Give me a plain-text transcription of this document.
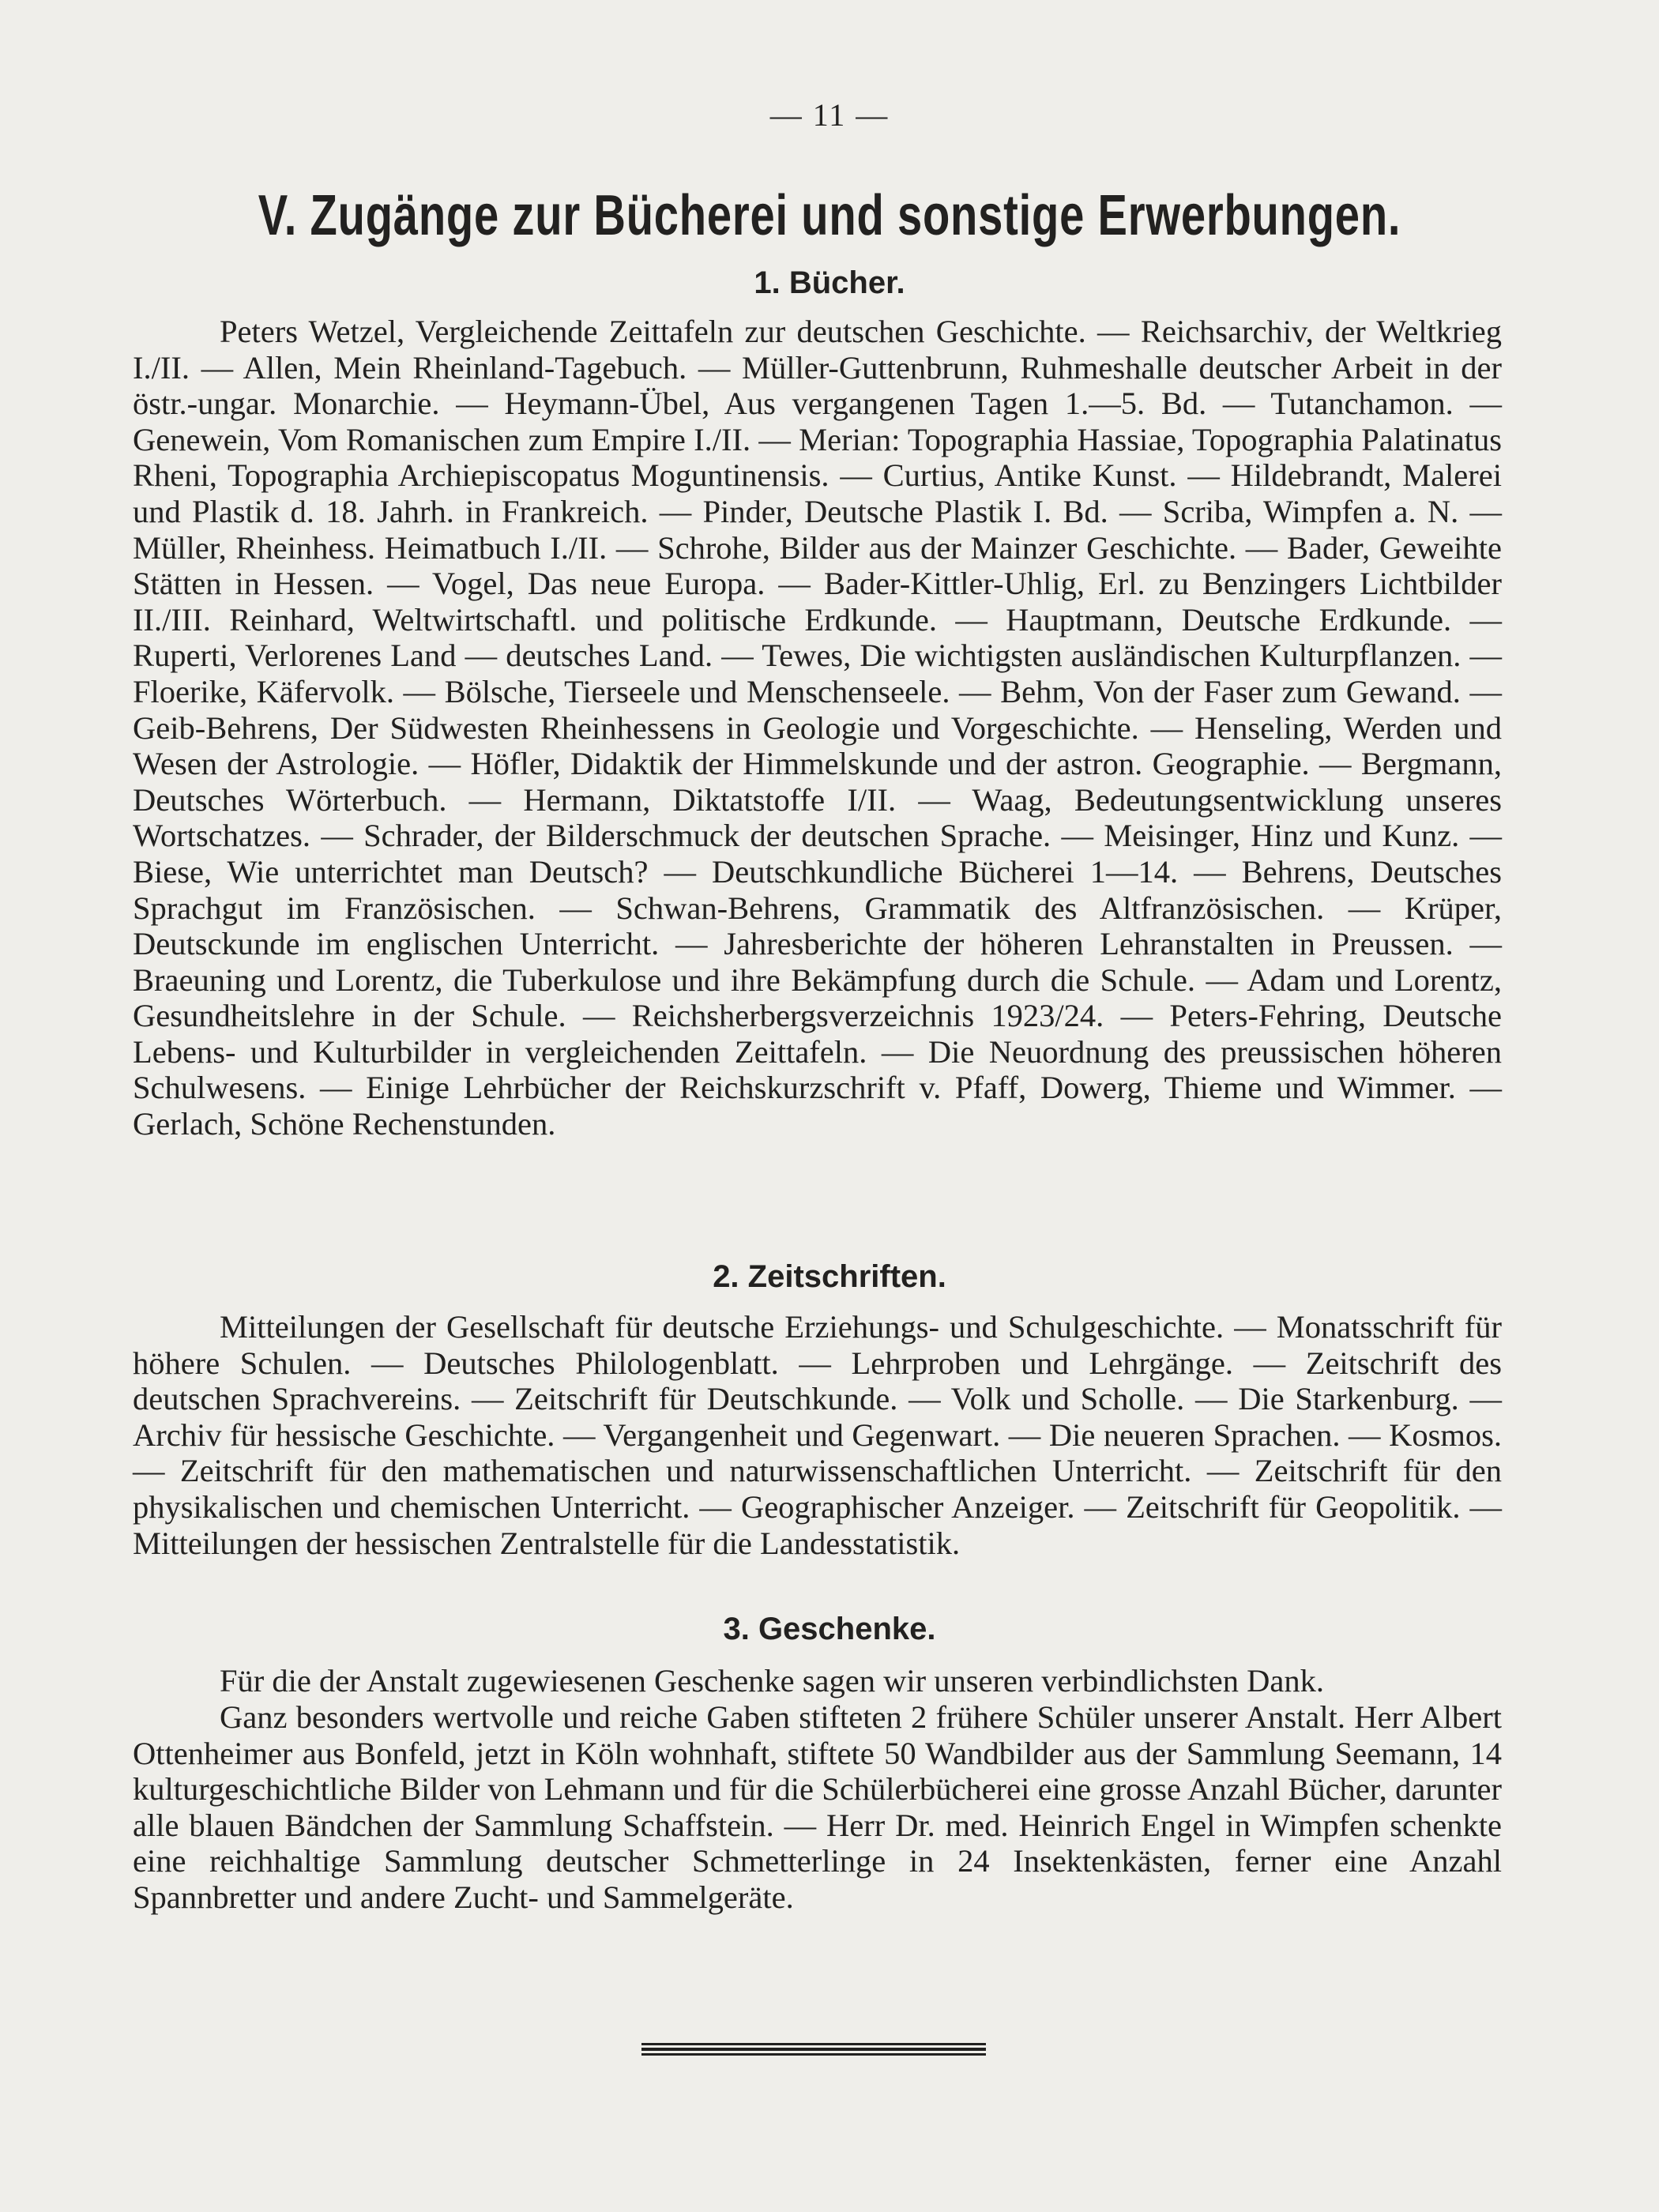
— 11 —
V. Zugänge zur Bücherei und sonstige Erwerbungen.
1. Bücher.

Peters Wetzel, Vergleichende Zeittafeln zur deutschen Geschichte. — Reichsarchiv, der Weltkrieg I./II. — Allen, Mein Rheinland-Tagebuch. — Müller-Guttenbrunn, Ruhmeshalle deutscher Arbeit in der östr.-ungar. Monarchie. — Heymann-Übel, Aus vergangenen Tagen 1.—5. Bd. — Tutanchamon. — Genewein, Vom Romanischen zum Empire I./II. — Merian: Topographia Hassiae, Topographia Palatinatus Rheni, Topographia Archiepiscopatus Moguntinensis. — Curtius, Antike Kunst. — Hildebrandt, Malerei und Plastik d. 18. Jahrh. in Frankreich. — Pinder, Deutsche Plastik I. Bd. — Scriba, Wimpfen a. N. — Müller, Rheinhess. Heimatbuch I./II. — Schrohe, Bilder aus der Mainzer Geschichte. — Bader, Geweihte Stätten in Hessen. — Vogel, Das neue Europa. — Bader-Kittler-Uhlig, Erl. zu Benzingers Lichtbilder II./III. Reinhard, Weltwirtschaftl. und politische Erdkunde. — Hauptmann, Deutsche Erdkunde. — Ruperti, Verlorenes Land — deutsches Land. — Tewes, Die wichtigsten ausländischen Kulturpflanzen. — Floerike, Käfervolk. — Bölsche, Tierseele und Menschenseele. — Behm, Von der Faser zum Gewand. — Geib-Behrens, Der Südwesten Rheinhessens in Geologie und Vorgeschichte. — Henseling, Werden und Wesen der Astrologie. — Höfler, Didaktik der Himmelskunde und der astron. Geographie. — Bergmann, Deutsches Wörterbuch. — Hermann, Diktatstoffe I/II. — Waag, Bedeutungsentwicklung unseres Wortschatzes. — Schrader, der Bilderschmuck der deutschen Sprache. — Meisinger, Hinz und Kunz. — Biese, Wie unterrichtet man Deutsch? — Deutschkundliche Bücherei 1—14. — Behrens, Deutsches Sprachgut im Französischen. — Schwan-Behrens, Grammatik des Altfranzösischen. — Krüper, Deutsckunde im englischen Unterricht. — Jahresberichte der höheren Lehranstalten in Preussen. — Braeuning und Lorentz, die Tuberkulose und ihre Bekämpfung durch die Schule. — Adam und Lorentz, Gesundheitslehre in der Schule. — Reichsherbergsverzeichnis 1923/24. — Peters-Fehring, Deutsche Lebens- und Kulturbilder in vergleichenden Zeittafeln. — Die Neuordnung des preussischen höheren Schulwesens. — Einige Lehrbücher der Reichskurzschrift v. Pfaff, Dowerg, Thieme und Wimmer. — Gerlach, Schöne Rechenstunden.

2. Zeitschriften.

Mitteilungen der Gesellschaft für deutsche Erziehungs- und Schulgeschichte. — Monatsschrift für höhere Schulen. — Deutsches Philologenblatt. — Lehrproben und Lehrgänge. — Zeitschrift des deutschen Sprachvereins. — Zeitschrift für Deutschkunde. — Volk und Scholle. — Die Starkenburg. — Archiv für hessische Geschichte. — Vergangenheit und Gegenwart. — Die neueren Sprachen. — Kosmos. — Zeitschrift für den mathematischen und naturwissenschaftlichen Unterricht. — Zeitschrift für den physikalischen und chemischen Unterricht. — Geographischer Anzeiger. — Zeitschrift für Geopolitik. — Mitteilungen der hessischen Zentralstelle für die Landesstatistik.

3. Geschenke.

Für die der Anstalt zugewiesenen Geschenke sagen wir unseren verbindlichsten Dank.

Ganz besonders wertvolle und reiche Gaben stifteten 2 frühere Schüler unserer Anstalt. Herr Albert Ottenheimer aus Bonfeld, jetzt in Köln wohnhaft, stiftete 50 Wandbilder aus der Sammlung Seemann, 14 kulturgeschichtliche Bilder von Lehmann und für die Schülerbücherei eine grosse Anzahl Bücher, darunter alle blauen Bändchen der Sammlung Schaffstein. — Herr Dr. med. Heinrich Engel in Wimpfen schenkte eine reichhaltige Sammlung deutscher Schmetterlinge in 24 Insektenkästen, ferner eine Anzahl Spannbretter und andere Zucht- und Sammelgeräte.
